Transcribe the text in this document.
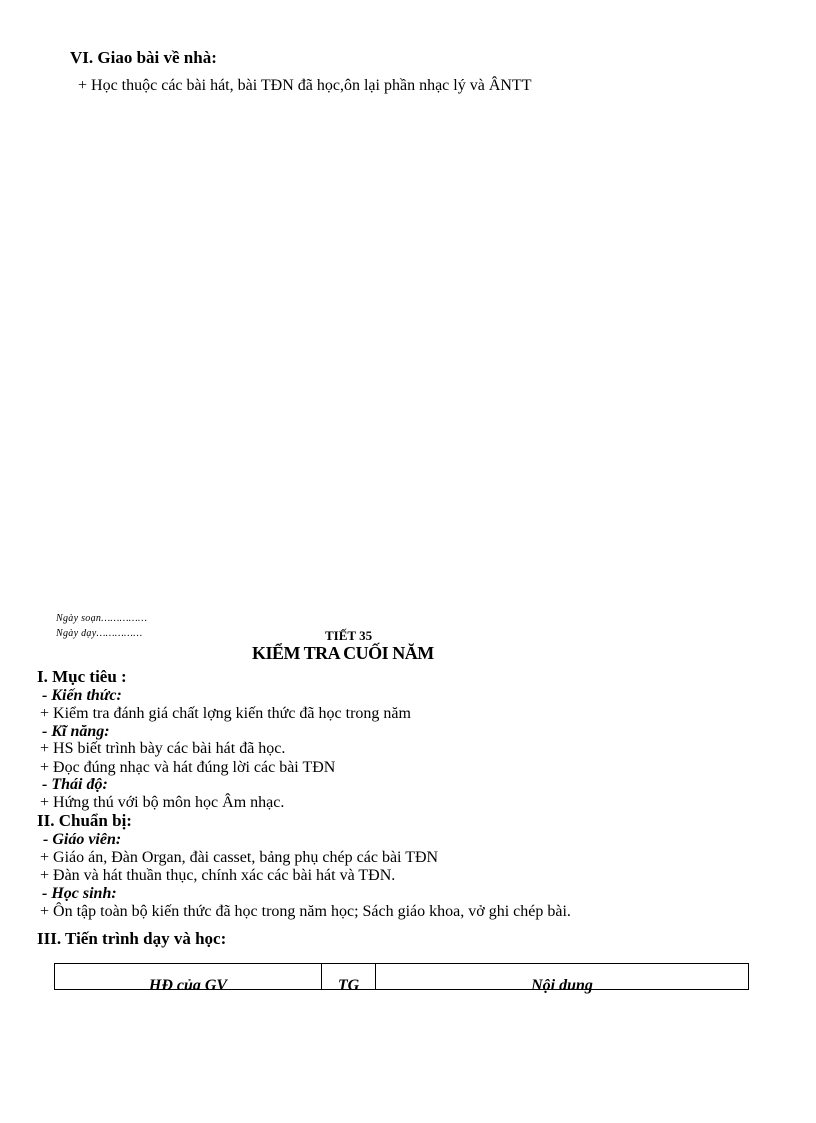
VI. Giao bài về nhà:
+ Học thuộc các bài hát, bài TĐN đã học,ôn lại phần nhạc lý và ÂNTT
Ngày soạn……………
Ngày dạy……………	TIẾT 35
KIỂM TRA CUỐI NĂM
I. Mục tiêu :
- Kiến thức:
+ Kiểm tra đánh giá chất lợng kiến thức đã học trong năm
- Kĩ năng:
+ HS biết trình bày các bài hát đã học.
+ Đọc đúng nhạc và hát đúng lời các bài TĐN
- Thái độ:
+ Hứng thú với bộ môn học Âm nhạc.
II. Chuẩn bị:
- Giáo viên:
+ Giáo án, Đàn Organ, đài casset, bảng phụ chép các bài TĐN
+ Đàn và hát thuần thục, chính xác các bài hát và TĐN.
- Học sinh:
+ Ôn tập toàn bộ kiến thức đã học trong năm học; Sách giáo khoa, vở ghi chép bài.
III. Tiến trình dạy và học:
HĐ của GV	TG	Nội dung
